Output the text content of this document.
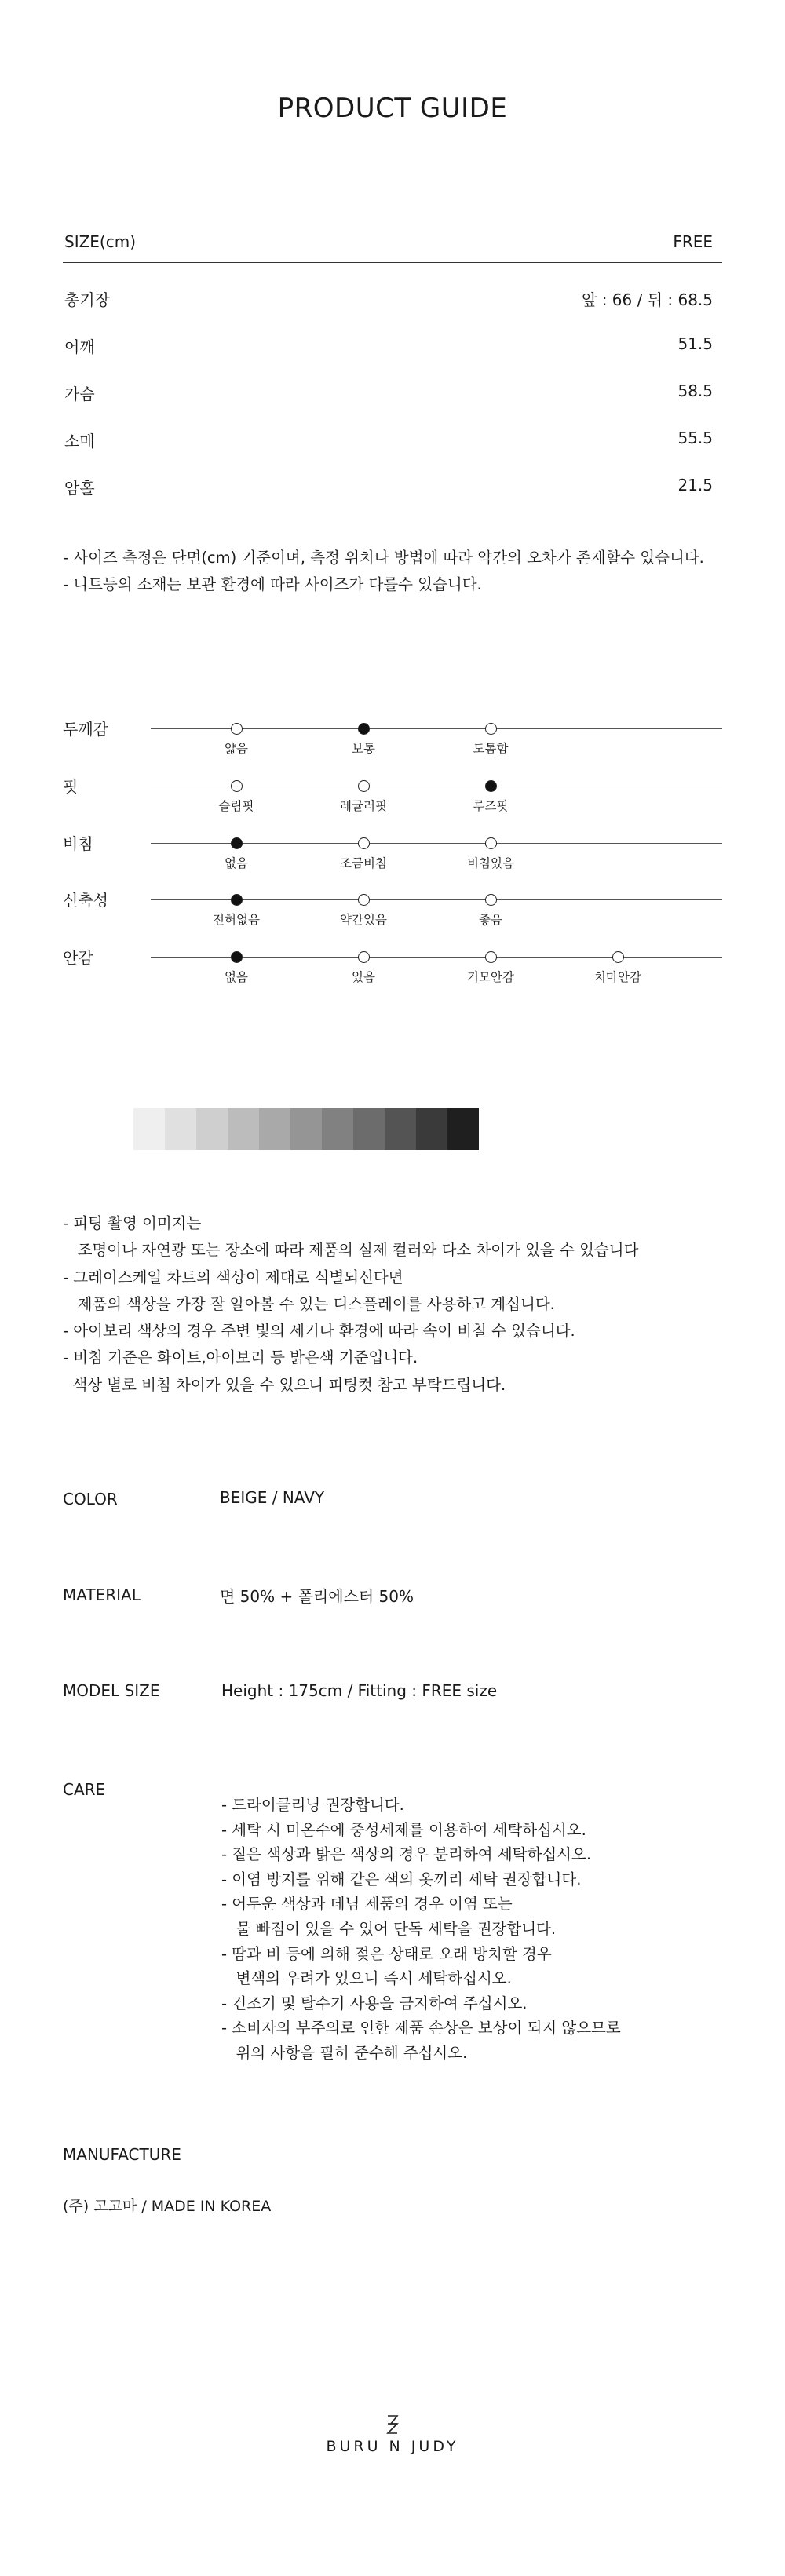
PRODUCT GUIDE
SIZE(cm)	FREE
총기장	앞 : 66 / 뒤 : 68.5
어깨	51.5
가슴	58.5
소매	55.5
암홀	21.5
- 사이즈 측정은 단면(cm) 기준이며, 측정 위치나 방법에 따라 약간의 오차가 존재할수 있습니다.
- 니트등의 소재는 보관 환경에 따라 사이즈가 다를수 있습니다.
두께감
얇음	보통	도톰함
핏
슬림핏	레귤러핏	루즈핏
비침
없음	조금비침	비침있음
신축성
전혀없음	약간있음	좋음
안감
없음	있음	기모안감	치마안감
- 피팅 촬영 이미지는
조명이나 자연광 또는 장소에 따라 제품의 실제 컬러와 다소 차이가 있을 수 있습니다
- 그레이스케일 차트의 색상이 제대로 식별되신다면
제품의 색상을 가장 잘 알아볼 수 있는 디스플레이를 사용하고 계십니다.
- 아이보리 색상의 경우 주변 빛의 세기나 환경에 따라 속이 비칠 수 있습니다.
- 비침 기준은 화이트,아이보리 등 밝은색 기준입니다.
색상 별로 비침 차이가 있을 수 있으니 피팅컷 참고 부탁드립니다.
COLOR	BEIGE / NAVY
MATERIAL	면 50% + 폴리에스터 50%
MODEL SIZE	Height : 175cm / Fitting : FREE size
CARE
- 드라이클리닝 권장합니다.
- 세탁 시 미온수에 중성세제를 이용하여 세탁하십시오.
- 짙은 색상과 밝은 색상의 경우 분리하여 세탁하십시오.
- 이염 방지를 위해 같은 색의 옷끼리 세탁 권장합니다.
- 어두운 색상과 데님 제품의 경우 이염 또는
물 빠짐이 있을 수 있어 단독 세탁을 권장합니다.
- 땀과 비 등에 의해 젖은 상태로 오래 방치할 경우
변색의 우려가 있으니 즉시 세탁하십시오.
- 건조기 및 탈수기 사용을 금지하여 주십시오.
- 소비자의 부주의로 인한 제품 손상은 보상이 되지 않으므로
위의 사항을 필히 준수해 주십시오.
MANUFACTURE
(주) 고고마 / MADE IN KOREA
BURU N JUDY
